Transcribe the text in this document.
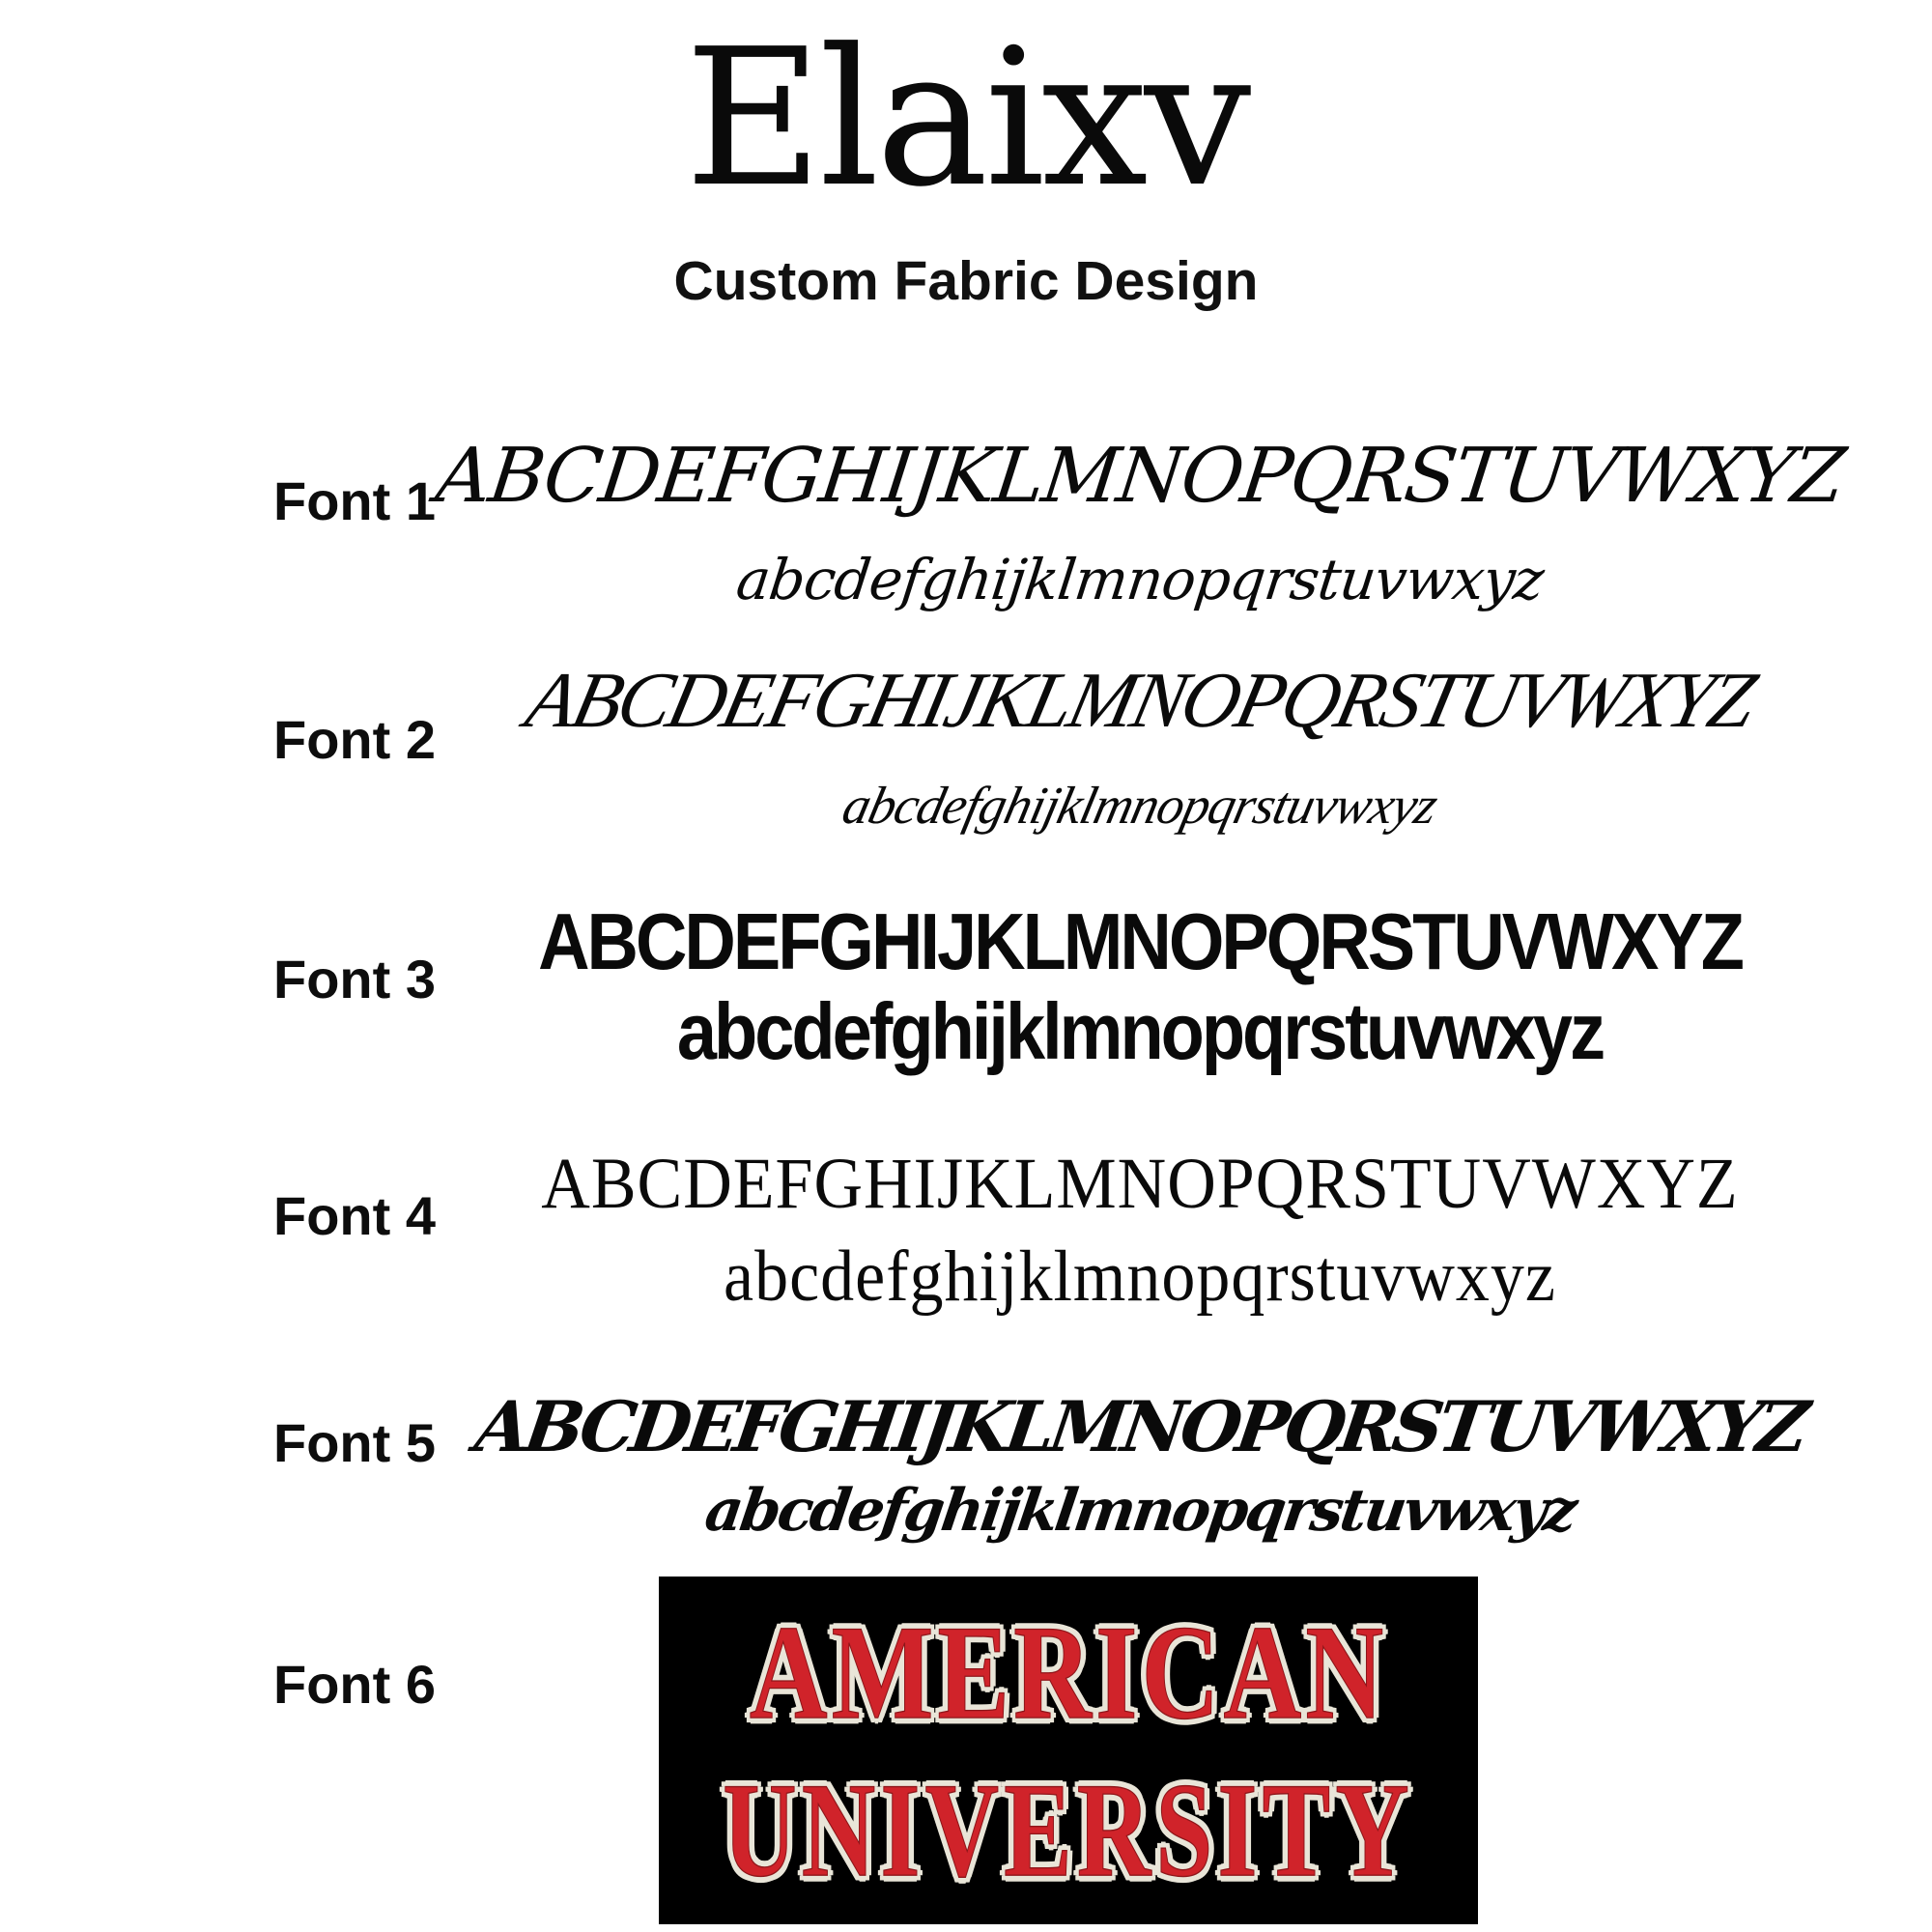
Elaixv
Custom Fabric Design
Font 1
ABCDEFGHIJKLMNOPQRSTUVWXYZ
abcdefghijklmnopqrstuvwxyz
Font 2	ABCDEFGHIJKLMNOPQRSTUVWXYZ
abcdefghijklmnopqrstuvwxyz
Font 3	ABCDEFGHIJKLMNOPQRSTUVWXYZ
abcdefghijklmnopqrstuvwxyz
Font 4	ABCDEFGHIJKLMNOPQRSTUVWXYZ
abcdefghijklmnopqrstuvwxyz
Font 5 ABCDEFGHIJKLMNOPQRSTUVWXYZ
abcdefghijklmnopqrstuvwxyz
Font 6	AMERICAN
UNIVERSITY
